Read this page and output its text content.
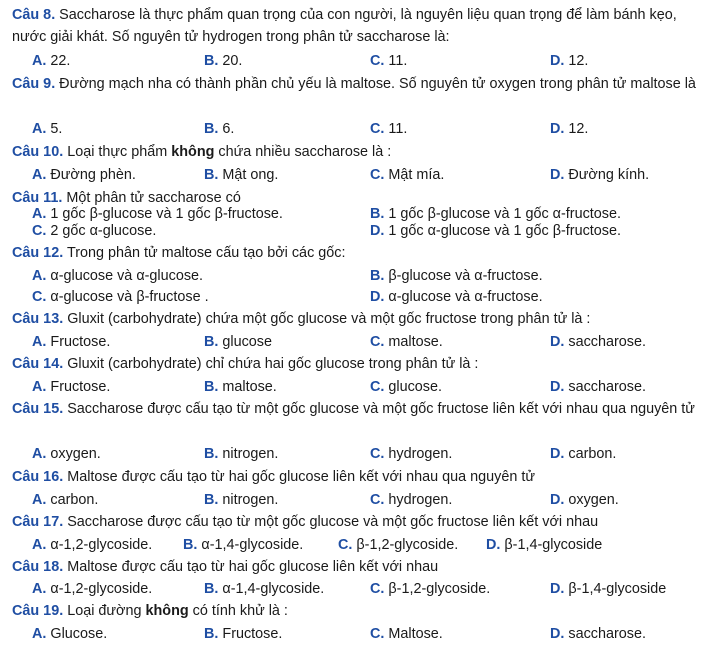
Câu 8. Saccharose là thực phẩm quan trọng của con người, là nguyên liệu quan trọng để làm bánh kẹo, nước giải khát. Số nguyên tử hydrogen trong phân tử saccharose là:
A. 22.	B. 20.	C. 11.	D. 12.
Câu 9. Đường mạch nha có thành phần chủ yếu là maltose. Số nguyên tử oxygen trong phân tử maltose là
A. 5.	B. 6.	C. 11.	D. 12.
Câu 10. Loại thực phẩm không chứa nhiều saccharose là :
A. Đường phèn.	B. Mật ong.	C. Mật mía.	D. Đường kính.
Câu 11. Một phân tử saccharose có
A. 1 gốc β-glucose và 1 gốc β-fructose.	B. 1 gốc β-glucose và 1 gốc α-fructose.
C. 2 gốc α-glucose.	D. 1 gốc α-glucose và 1 gốc β-fructose.
Câu 12. Trong phân tử maltose cấu tạo bởi các gốc:
A. α-glucose và α-glucose.	B. β-glucose và α-fructose.
C. α-glucose và β-fructose .	D. α-glucose và α-fructose.
Câu 13. Gluxit (carbohydrate) chứa một gốc glucose và một gốc fructose trong phân tử là :
A. Fructose.	B. glucose	C. maltose.	D. saccharose.
Câu 14. Gluxit (carbohydrate) chỉ chứa hai gốc glucose trong phân tử là :
A. Fructose.	B. maltose.	C. glucose.	D. saccharose.
Câu 15. Saccharose được cấu tạo từ một gốc glucose và một gốc fructose liên kết với nhau qua nguyên tử
A. oxygen.	B. nitrogen.	C. hydrogen.	D. carbon.
Câu 16. Maltose được cấu tạo từ hai gốc glucose liên kết với nhau qua nguyên tử
A. carbon.	B. nitrogen.	C. hydrogen.	D. oxygen.
Câu 17. Saccharose được cấu tạo từ một gốc glucose và một gốc fructose liên kết với nhau
A. α-1,2-glycoside. B. α-1,4-glycoside. C. β-1,2-glycoside. D. β-1,4-glycoside
Câu 18. Maltose được cấu tạo từ hai gốc glucose liên kết với nhau
A. α-1,2-glycoside.	B. α-1,4-glycoside.	C. β-1,2-glycoside.	D. β-1,4-glycoside
Câu 19. Loại đường không có tính khử là :
A. Glucose.	B. Fructose.	C. Maltose.	D. saccharose.
